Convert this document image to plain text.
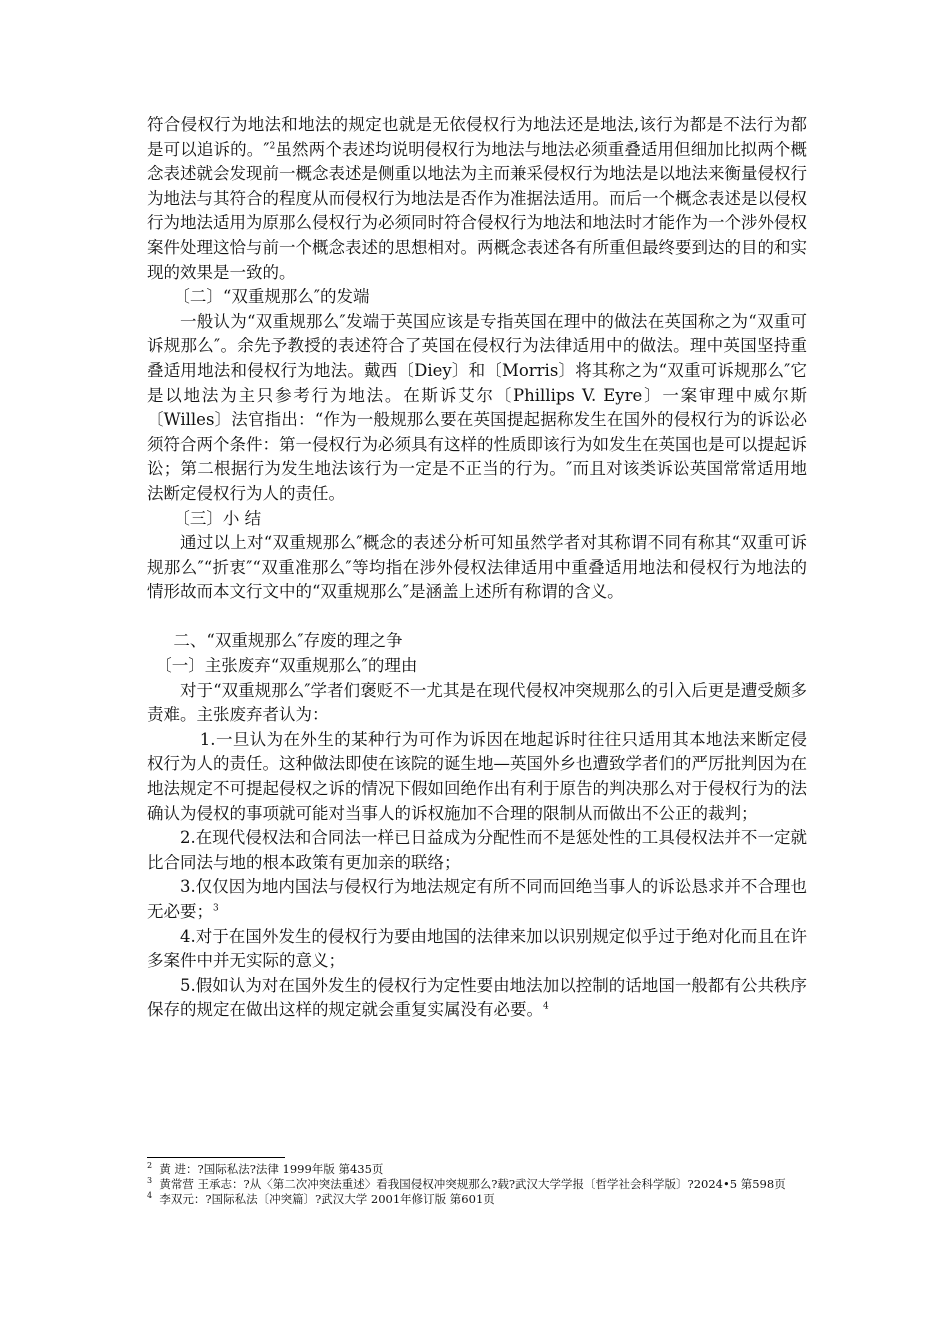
符合侵权行为地法和地法的规定也就是无依侵权行为地法还是地法,该行为都是不法行为都是可以追诉的。″$^2$虽然两个表述均说明侵权行为地法与地法必须重叠适用但细加比拟两个概念表述就会发现前一概念表述是侧重以地法为主而兼采侵权行为地法是以地法来衡量侵权行为地法与其符合的程度从而侵权行为地法是否作为准据法适用。而后一个概念表述是以侵权行为地法适用为原那么侵权行为必须同时符合侵权行为地法和地法时才能作为一个涉外侵权案件处理这恰与前一个概念表述的思想相对。两概念表述各有所重但最终要到达的目的和实现的效果是一致的。

〔二〕“双重规那么″的发端

一般认为“双重规那么″发端于英国应该是专指英国在理中的做法在英国称之为“双重可诉规那么″。余先予教授的表述符合了英国在侵权行为法律适用中的做法。理中英国坚持重叠适用地法和侵权行为地法。戴西〔Diey〕和〔Morris〕将其称之为“双重可诉规那么″它是以地法为主只参考行为地法。在斯诉艾尔〔Phillips V. Eyre〕一案审理中威尔斯〔Willes〕法官指出：“作为一般规那么要在英国提起据称发生在国外的侵权行为的诉讼必须符合两个条件：第一侵权行为必须具有这样的性质即该行为如发生在英国也是可以提起诉讼；第二根据行为发生地法该行为一定是不正当的行为。″而且对该类诉讼英国常常适用地法断定侵权行为人的责任。

〔三〕小 结

通过以上对“双重规那么″概念的表述分析可知虽然学者对其称谓不同有称其“双重可诉规那么″“折衷″“双重准那么″等均指在涉外侵权法律适用中重叠适用地法和侵权行为地法的情形故而本文行文中的“双重规那么″是涵盖上述所有称谓的含义。

二、“双重规那么″存废的理之争

〔一〕主张废弃“双重规那么″的理由

对于“双重规那么″学者们褒贬不一尤其是在现代侵权冲突规那么的引入后更是遭受颇多责难。主张废弃者认为：

1.一旦认为在外生的某种行为可作为诉因在地起诉时往往只适用其本地法来断定侵权行为人的责任。这种做法即使在该院的诞生地—英国外乡也遭致学者们的严厉批判因为在地法规定不可提起侵权之诉的情况下假如回绝作出有利于原告的判决那么对于侵权行为的法确认为侵权的事项就可能对当事人的诉权施加不合理的限制从而做出不公正的裁判；

2.在现代侵权法和合同法一样已日益成为分配性而不是惩处性的工具侵权法并不一定就比合同法与地的根本政策有更加亲的联络；

3.仅仅因为地内国法与侵权行为地法规定有所不同而回绝当事人的诉讼恳求并不合理也无必要；$^3$

4.对于在国外发生的侵权行为要由地国的法律来加以识别规定似乎过于绝对化而且在许多案件中并无实际的意义；

5.假如认为对在国外发生的侵权行为定性要由地法加以控制的话地国一般都有公共秩序保存的规定在做出这样的规定就会重复实属没有必要。$^4$

$^2$ 黄 进：?国际私法?法律 1999年版 第435页

$^3$ 黄常营 王承志：?从〈第二次冲突法重述〉看我国侵权冲突规那么?载?武汉大学学报〔哲学社会科学版〕?2024•5 第598页

$^4$ 李双元：?国际私法〔冲突篇〕?武汉大学 2001年修订版 第601页
